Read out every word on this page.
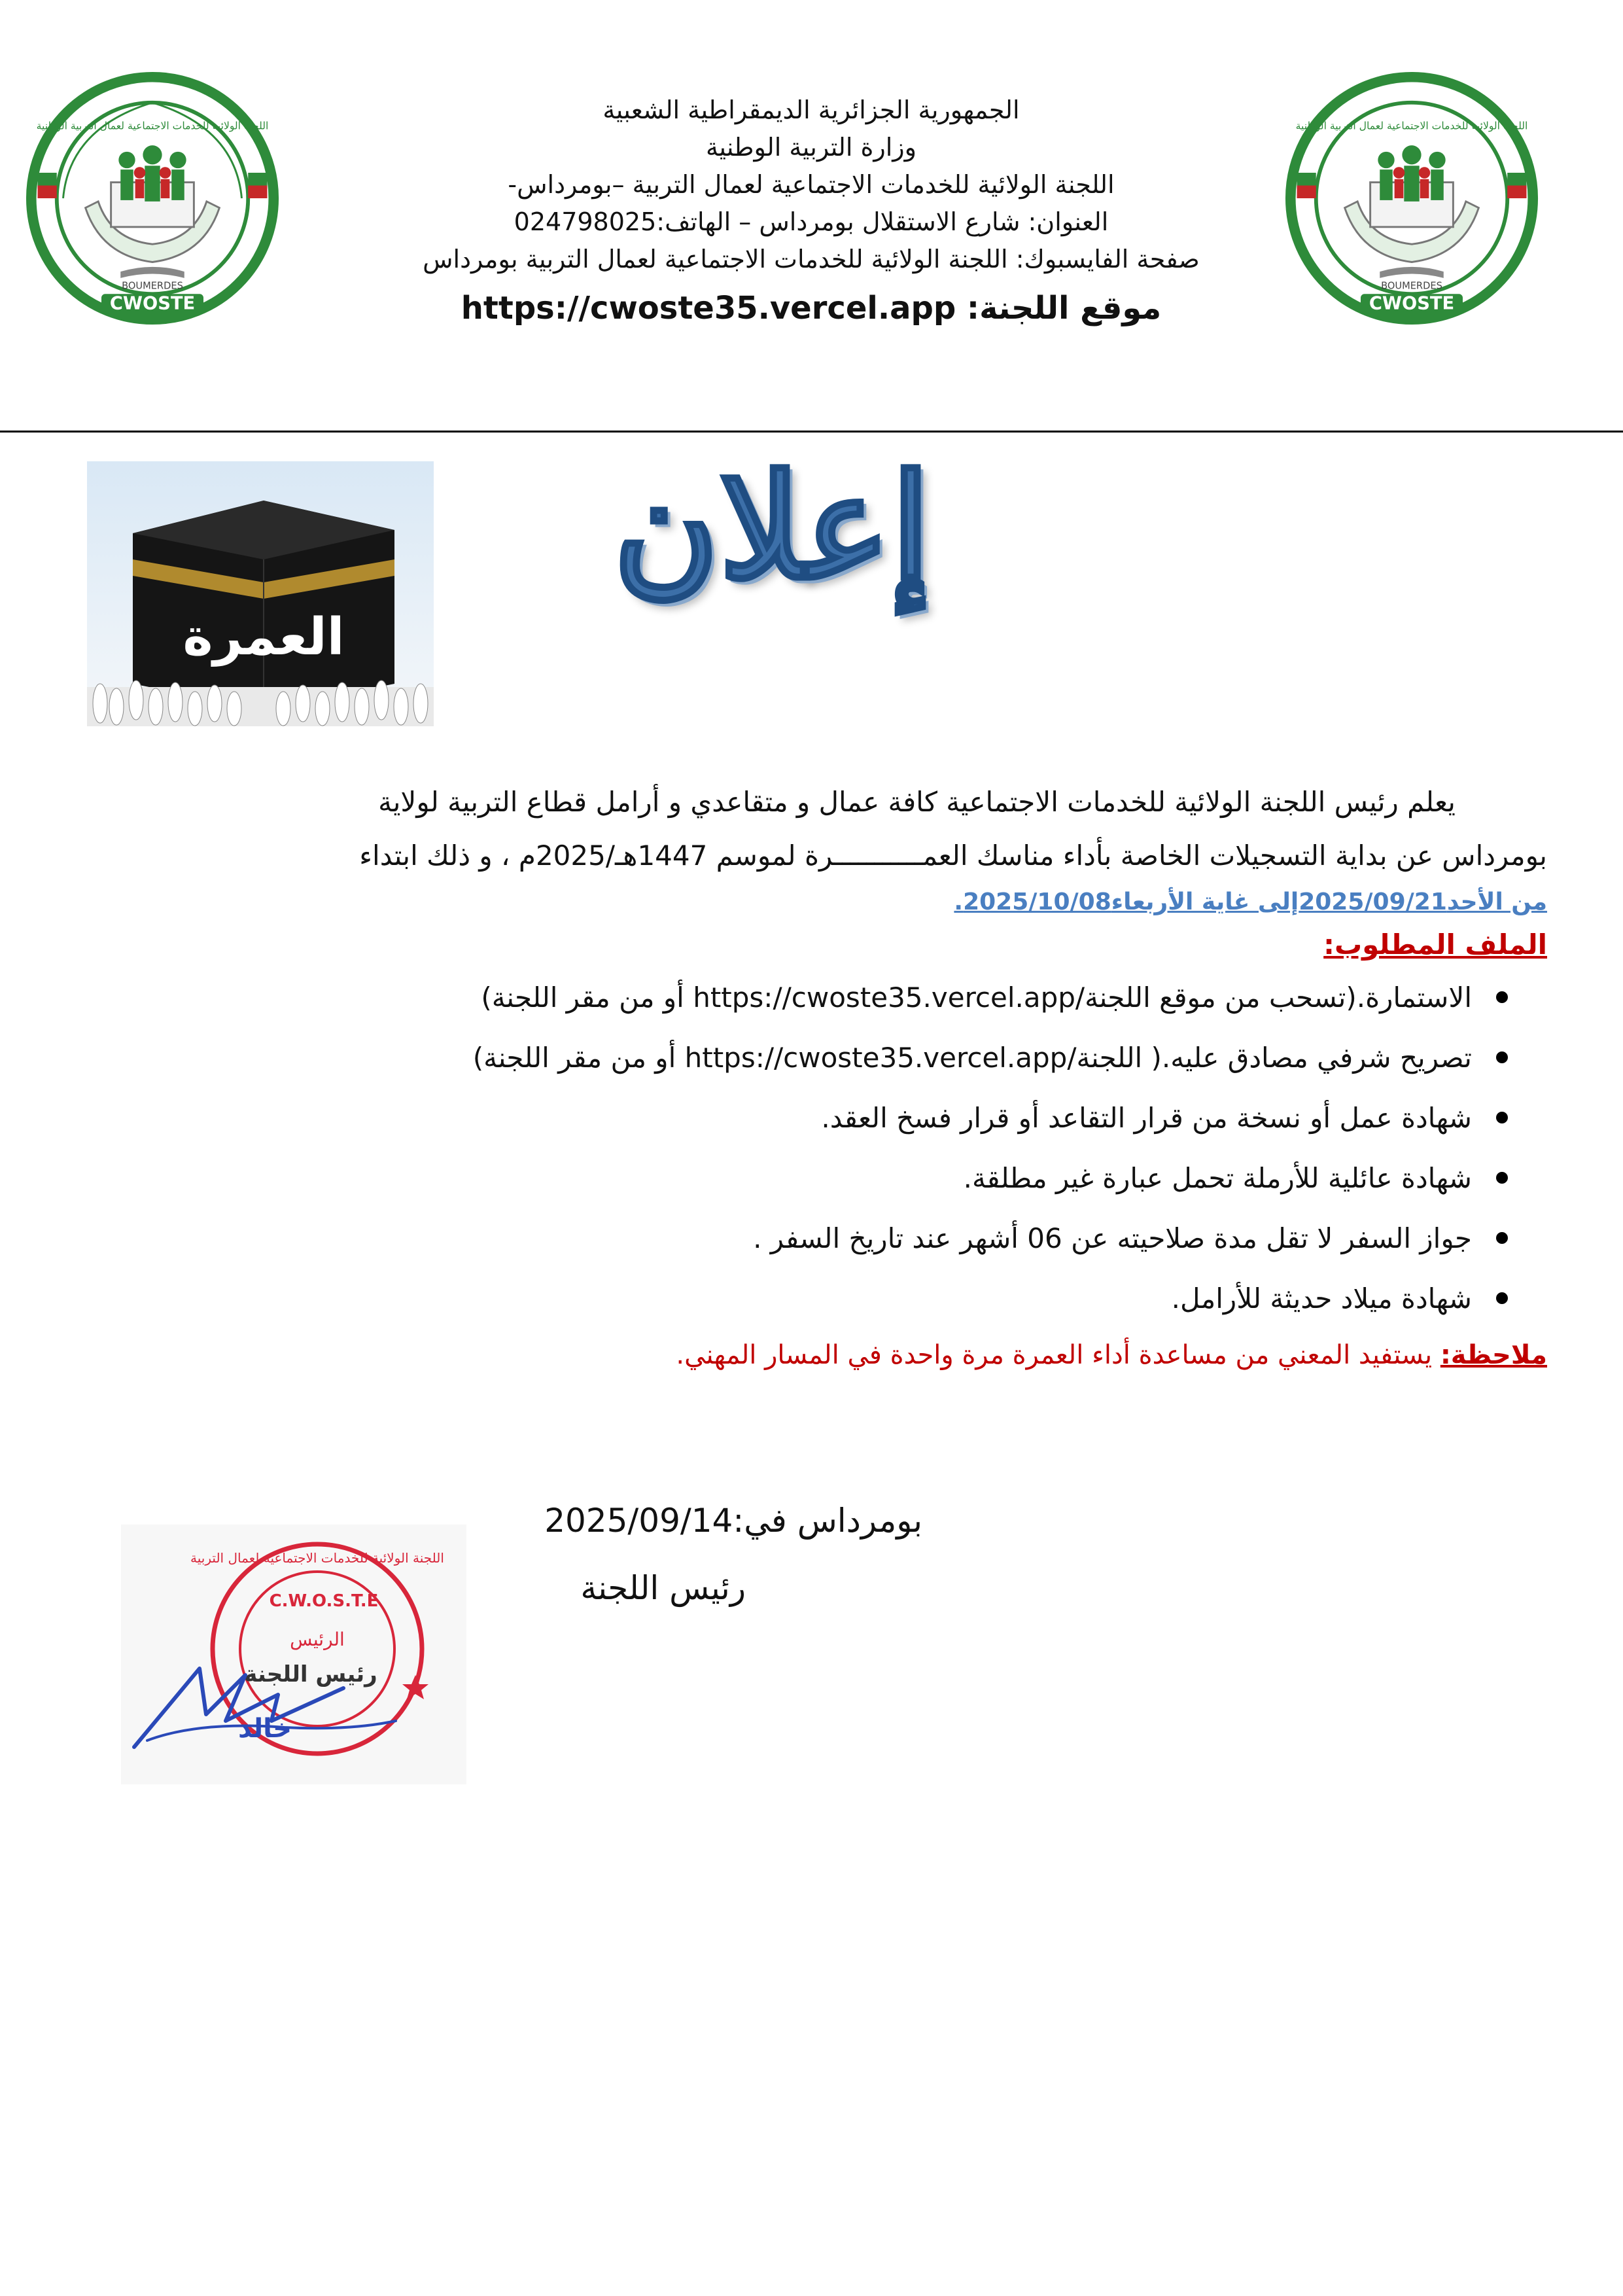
اللجنة الولائية للخدمات الاجتماعية لعمال التربية الوطنية
BOUMERDES
CWOSTE
اللجنة الولائية للخدمات الاجتماعية لعمال التربية الوطنية
BOUMERDES
CWOSTE
الجمهورية الجزائرية الديمقراطية الشعبية
وزارة التربية الوطنية
اللجنة الولائية للخدمات الاجتماعية لعمال التربية –بومرداس-
العنوان: شارع الاستقلال بومرداس – الهاتف:024798025
صفحة الفايسبوك: اللجنة الولائية للخدمات الاجتماعية لعمال التربية بومرداس
موقع اللجنة: https://cwoste35.vercel.app
العمرة
إعلان
يعلم رئيس اللجنة الولائية للخدمات الاجتماعية كافة عمال و متقاعدي و أرامل قطاع التربية لولاية
بومرداس عن بداية التسجيلات الخاصة بأداء مناسك العمـــــــــــرة لموسم 1447هـ/2025م ، و ذلك ابتداء
من الأحد2025/09/21إلى غاية الأربعاء2025/10/08.
الملف المطلوب:
الاستمارة.(تسحب من موقع اللجنةhttps://cwoste35.vercel.app/ أو من مقر اللجنة)
تصريح شرفي مصادق عليه.( اللجنةhttps://cwoste35.vercel.app/ أو من مقر اللجنة)
شهادة عمل أو نسخة من قرار التقاعد أو قرار فسخ العقد.
شهادة عائلية للأرملة تحمل عبارة غير مطلقة.
جواز السفر لا تقل مدة صلاحيته عن 06 أشهر عند تاريخ السفر .
شهادة ميلاد حديثة للأرامل.
ملاحظة: يستفيد المعني من مساعدة أداء العمرة مرة واحدة في المسار المهني.
بومرداس في:2025/09/14
رئيس اللجنة
اللجنة الولائية للخدمات الاجتماعية لعمال التربية
C.W.O.S.T.E
الرئيس
رئيس اللجنة
خالد
